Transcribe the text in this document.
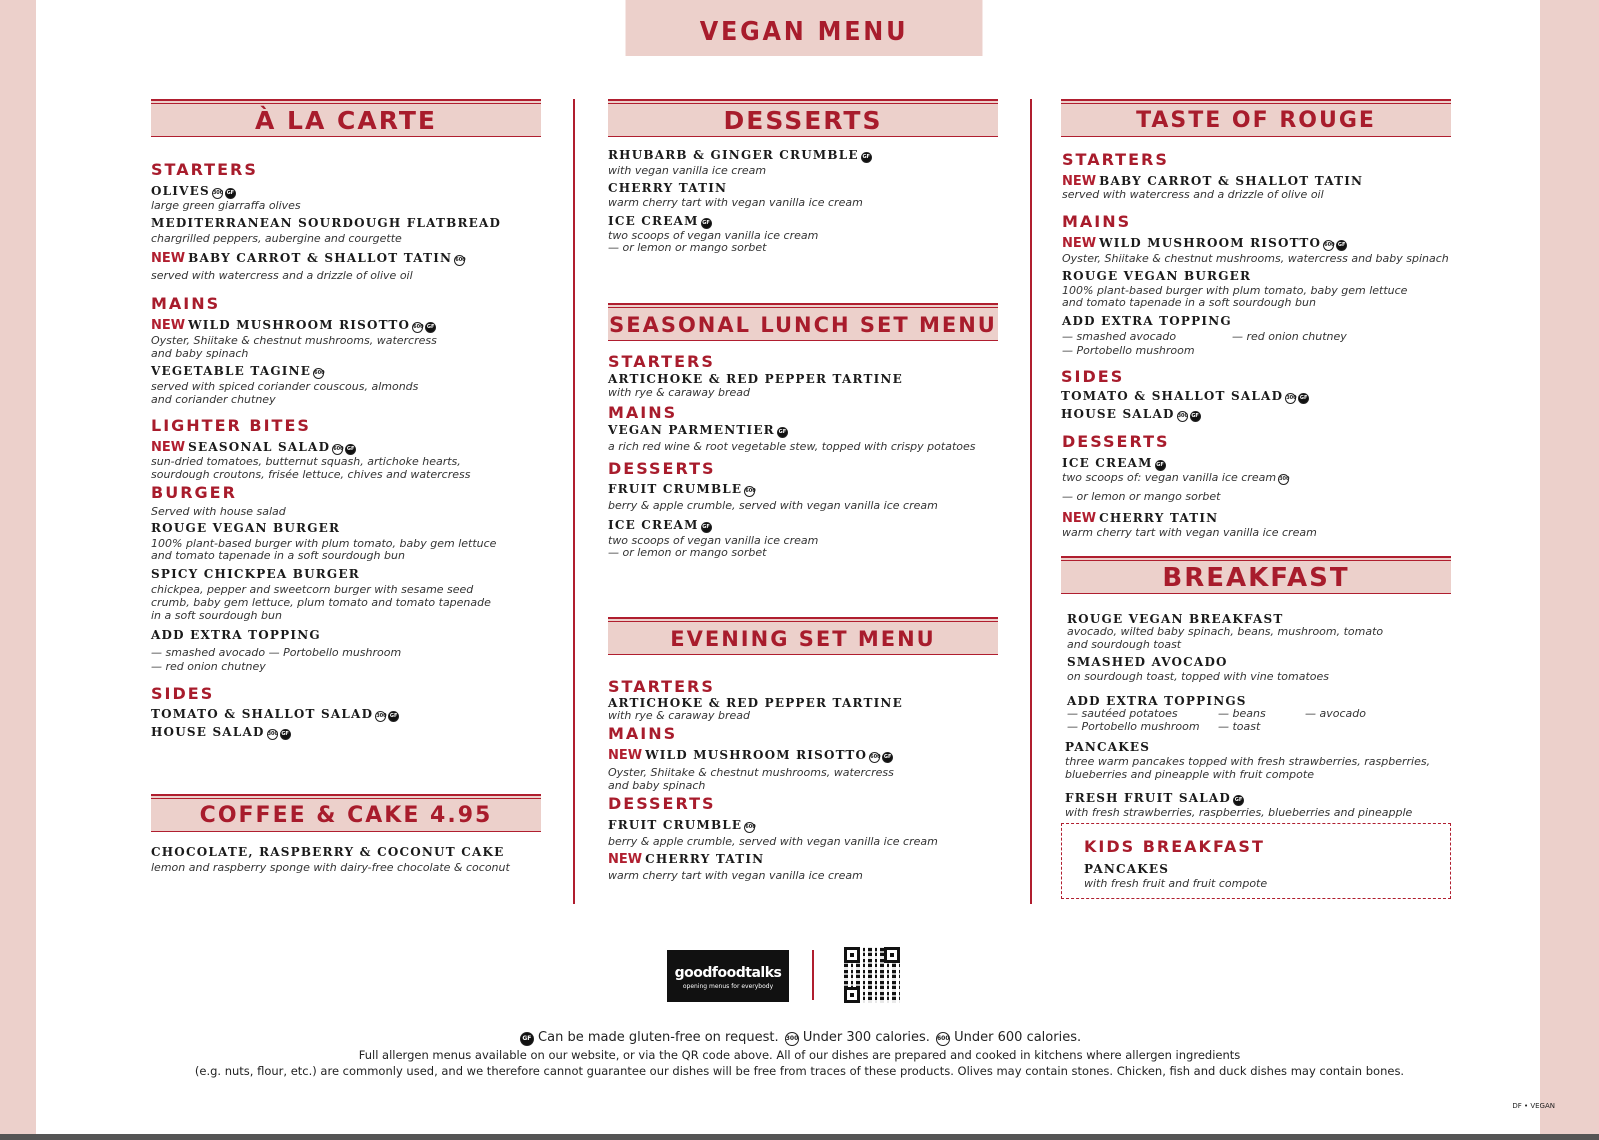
VEGAN MENU
À LA CARTE
STARTERS
OLIVES 300 GF
large green giarraffa olives
MEDITERRANEAN SOURDOUGH FLATBREAD
chargrilled peppers, aubergine and courgette
NEW BABY CARROT & SHALLOT TATIN 600
served with watercress and a drizzle of olive oil
MAINS
NEW WILD MUSHROOM RISOTTO 600 GF
Oyster, Shiitake & chestnut mushrooms, watercress
and baby spinach
VEGETABLE TAGINE 600
served with spiced coriander couscous, almonds
and coriander chutney
LIGHTER BITES
NEW SEASONAL SALAD 600 GF
sun-dried tomatoes, butternut squash, artichoke hearts,
sourdough croutons, frisée lettuce, chives and watercress
BURGER
Served with house salad
ROUGE VEGAN BURGER
100% plant-based burger with plum tomato, baby gem lettuce
and tomato tapenade in a soft sourdough bun
SPICY CHICKPEA BURGER
chickpea, pepper and sweetcorn burger with sesame seed
crumb, baby gem lettuce, plum tomato and tomato tapenade
in a soft sourdough bun
ADD EXTRA TOPPING
— smashed avocado — Portobello mushroom
— red onion chutney
SIDES
TOMATO & SHALLOT SALAD 300 GF
HOUSE SALAD 300 GF
COFFEE & CAKE 4.95
CHOCOLATE, RASPBERRY & COCONUT CAKE
lemon and raspberry sponge with dairy-free chocolate & coconut
DESSERTS
RHUBARB & GINGER CRUMBLE GF
with vegan vanilla ice cream
CHERRY TATIN
warm cherry tart with vegan vanilla ice cream
ICE CREAM GF
two scoops of vegan vanilla ice cream
— or lemon or mango sorbet
SEASONAL LUNCH SET MENU
STARTERS
ARTICHOKE & RED PEPPER TARTINE
with rye & caraway bread
MAINS
VEGAN PARMENTIER GF
a rich red wine & root vegetable stew, topped with crispy potatoes
DESSERTS
FRUIT CRUMBLE 600
berry & apple crumble, served with vegan vanilla ice cream
ICE CREAM GF
two scoops of vegan vanilla ice cream
— or lemon or mango sorbet
EVENING SET MENU
STARTERS
ARTICHOKE & RED PEPPER TARTINE
with rye & caraway bread
MAINS
NEW WILD MUSHROOM RISOTTO 600 GF
Oyster, Shiitake & chestnut mushrooms, watercress
and baby spinach
DESSERTS
FRUIT CRUMBLE 600
berry & apple crumble, served with vegan vanilla ice cream
NEW CHERRY TATIN
warm cherry tart with vegan vanilla ice cream
TASTE OF ROUGE
STARTERS
NEW BABY CARROT & SHALLOT TATIN
served with watercress and a drizzle of olive oil
MAINS
NEW WILD MUSHROOM RISOTTO 600 GF
Oyster, Shiitake & chestnut mushrooms, watercress and baby spinach
ROUGE VEGAN BURGER
100% plant-based burger with plum tomato, baby gem lettuce
and tomato tapenade in a soft sourdough bun
ADD EXTRA TOPPING
— smashed avocado	— red onion chutney
— Portobello mushroom
SIDES
TOMATO & SHALLOT SALAD 300 GF
HOUSE SALAD 300 GF
DESSERTS
ICE CREAM GF
two scoops of: vegan vanilla ice cream 300
— or lemon or mango sorbet
NEW CHERRY TATIN
warm cherry tart with vegan vanilla ice cream
BREAKFAST
ROUGE VEGAN BREAKFAST
avocado, wilted baby spinach, beans, mushroom, tomato
and sourdough toast
SMASHED AVOCADO
on sourdough toast, topped with vine tomatoes
ADD EXTRA TOPPINGS
— sautéed potatoes	— beans	— avocado
— Portobello mushroom — toast
PANCAKES
three warm pancakes topped with fresh strawberries, raspberries,
blueberries and pineapple with fruit compote
FRESH FRUIT SALAD GF
with fresh strawberries, raspberries, blueberries and pineapple
KIDS BREAKFAST
PANCAKES
with fresh fruit and fruit compote
goodfoodtalks
opening menus for everybody
GF Can be made gluten-free on request. 300 Under 300 calories. 600 Under 600 calories.
Full allergen menus available on our website, or via the QR code above. All of our dishes are prepared and cooked in kitchens where allergen ingredients
(e.g. nuts, flour, etc.) are commonly used, and we therefore cannot guarantee our dishes will be free from traces of these products. Olives may contain stones. Chicken, fish and duck dishes may contain bones.
DF • VEGAN
